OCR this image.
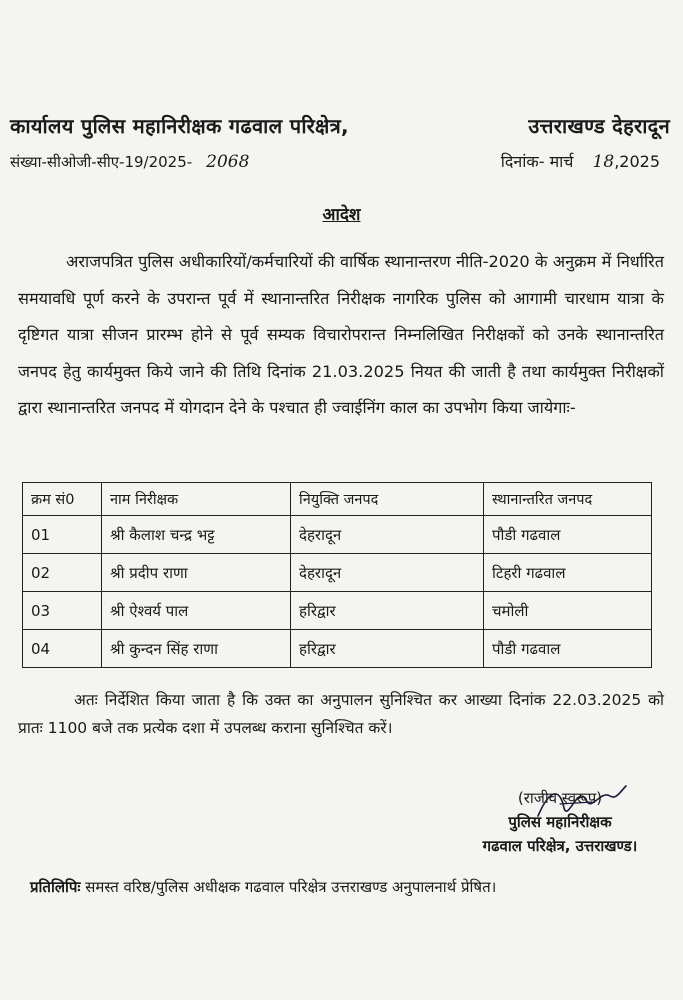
कार्यालय पुलिस महानिरीक्षक गढवाल परिक्षेत्र,	उत्तराखण्ड देहरादून
संख्या-सीओजी-सीए-19/2025- 2068	दिनांक- मार्च 18,2025
आदेश

अराजपत्रित पुलिस अधीकारियों/कर्मचारियों की वार्षिक स्थानान्तरण नीति-2020 के अनुक्रम में निर्धारित समयावधि पूर्ण करने के उपरान्त पूर्व में स्थानान्तरित निरीक्षक नागरिक पुलिस को आगामी चारधाम यात्रा के दृष्टिगत यात्रा सीजन प्रारम्भ होने से पूर्व सम्यक विचारोपरान्त निम्नलिखित निरीक्षकों को उनके स्थानान्तरित जनपद हेतु कार्यमुक्त किये जाने की तिथि दिनांक 21.03.2025 नियत की जाती है तथा कार्यमुक्त निरीक्षकों द्वारा स्थानान्तरित जनपद में योगदान देने के पश्चात ही ज्वाईनिंग काल का उपभोग किया जायेगाः-

क्रम सं0	नाम निरीक्षक	नियुक्ति जनपद	स्थानान्तरित जनपद
01	श्री कैलाश चन्द्र भट्ट	देहरादून	पौडी गढवाल
02	श्री प्रदीप राणा	देहरादून	टिहरी गढवाल
03	श्री ऐश्वर्य पाल	हरिद्वार	चमोली
04	श्री कुन्दन सिंह राणा	हरिद्वार	पौडी गढवाल

अतः निर्देशित किया जाता है कि उक्त का अनुपालन सुनिश्चित कर आख्या दिनांक 22.03.2025 को प्रातः 1100 बजे तक प्रत्येक दशा में उपलब्ध कराना सुनिश्चित करें।

(राजीव स्वरूप)
पुलिस महानिरीक्षक
गढवाल परिक्षेत्र, उत्तराखण्ड।
प्रतिलिपिः समस्त वरिष्ठ/पुलिस अधीक्षक गढवाल परिक्षेत्र उत्तराखण्ड अनुपालनार्थ प्रेषित।
